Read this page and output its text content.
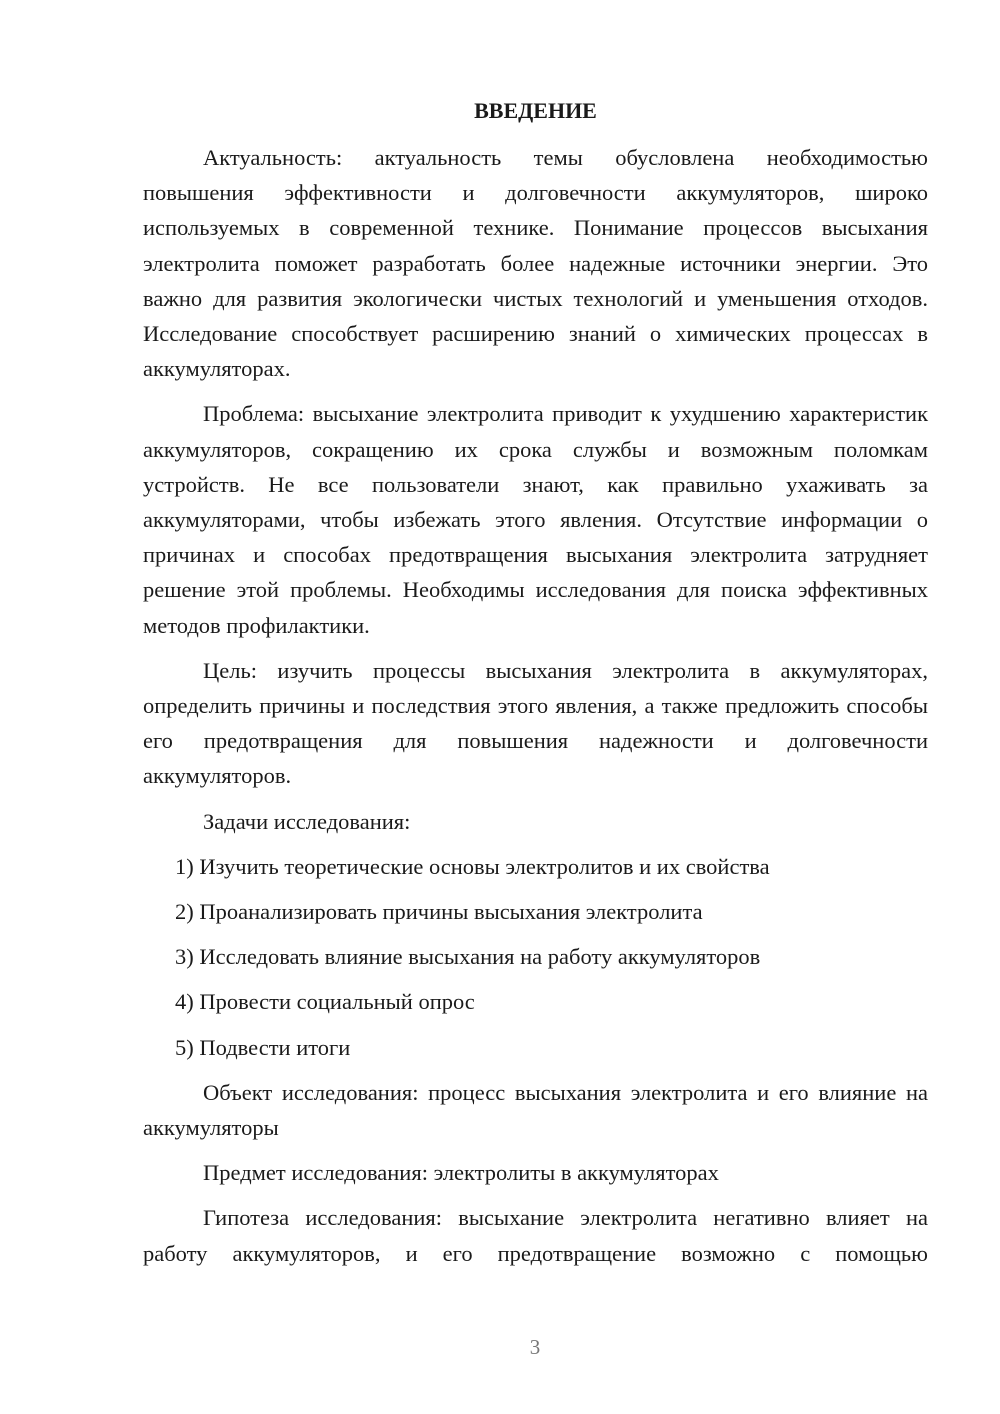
ВВЕДЕНИЕ

Актуальность: актуальность темы обусловлена необходимостью повышения эффективности и долговечности аккумуляторов, широко используемых в современной технике. Понимание процессов высыхания электролита поможет разработать более надежные источники энергии. Это важно для развития экологически чистых технологий и уменьшения отходов. Исследование способствует расширению знаний о химических процессах в аккумуляторах.

Проблема: высыхание электролита приводит к ухудшению характеристик аккумуляторов, сокращению их срока службы и возможным поломкам устройств. Не все пользователи знают, как правильно ухаживать за аккумуляторами, чтобы избежать этого явления. Отсутствие информации о причинах и способах предотвращения высыхания электролита затрудняет решение этой проблемы. Необходимы исследования для поиска эффективных методов профилактики.

Цель: изучить процессы высыхания электролита в аккумуляторах, определить причины и последствия этого явления, а также предложить способы его предотвращения для повышения надежности и долговечности аккумуляторов.

Задачи исследования:

1) Изучить теоретические основы электролитов и их свойства
2) Проанализировать причины высыхания электролита
3) Исследовать влияние высыхания на работу аккумуляторов
4) Провести социальный опрос
5) Подвести итоги

Объект исследования: процесс высыхания электролита и его влияние на аккумуляторы

Предмет исследования: электролиты в аккумуляторах

Гипотеза исследования: высыхание электролита негативно влияет на работу аккумуляторов, и его предотвращение возможно с помощью

3
